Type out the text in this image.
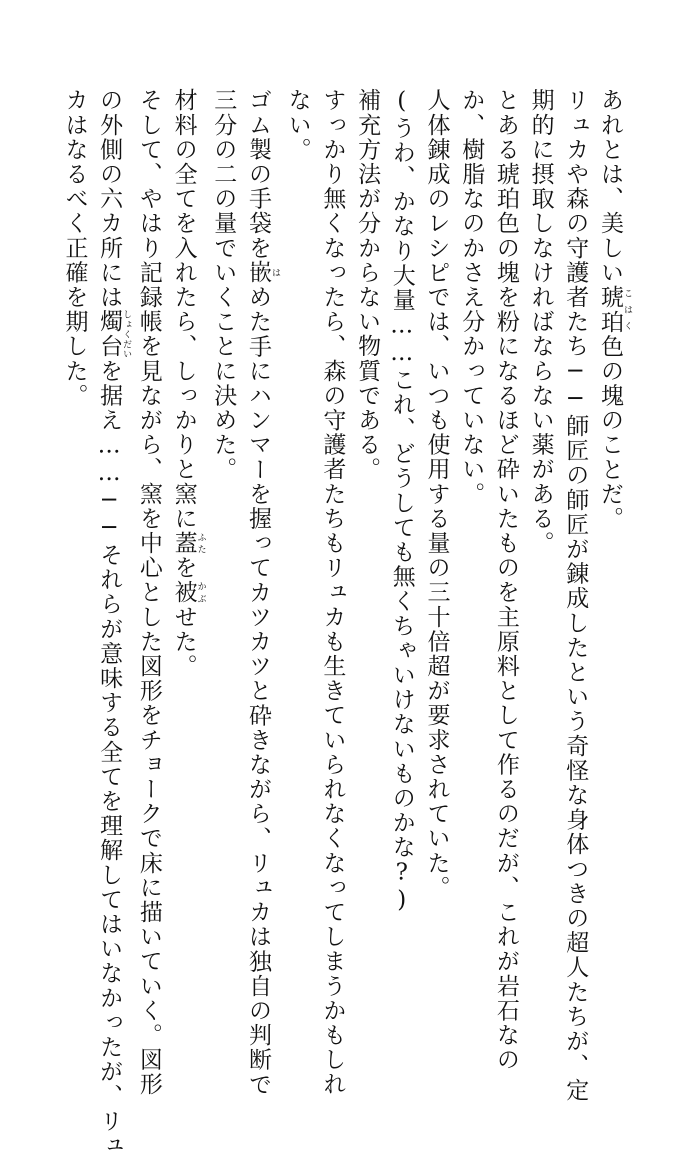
あれとは、美しい琥珀 こはく色の塊のことだ。
リュカや森の守護者たち──師匠の師匠が錬成したという奇怪な身体つきの超人たちが、定
期的に摂取しなければならない薬がある。
とある琥珀色の塊を粉になるほど砕いたものを主原料として作るのだが、これが岩石なの
か、樹脂なのかさえ分かっていない。
人体錬成のレシピでは、いつも使用する量の三十倍超が要求されていた。
(うわ、かなり大量……これ、どうしても無くちゃいけないものかな?)
補充方法が分からない物質である。
すっかり無くなったら、森の守護者たちもリュカも生きていられなくなってしまうかもしれ
ない。
ゴム製の手袋を嵌 はめた手にハンマーを握ってカツカツと砕きながら、リュカは独自の判断で
三分の二の量でいくことに決めた。
材料の全てを入れたら、しっかりと窯に蓋 ふたを被 かぶせた。
そして、やはり記録帳を見ながら、窯を中心とした図形をチョークで床に描いていく。図形
の外側の六カ所には燭台 しょくだいを据え……──それらが意味する全てを理解してはいなかったが、リュ
カはなるべく正確を期した。
